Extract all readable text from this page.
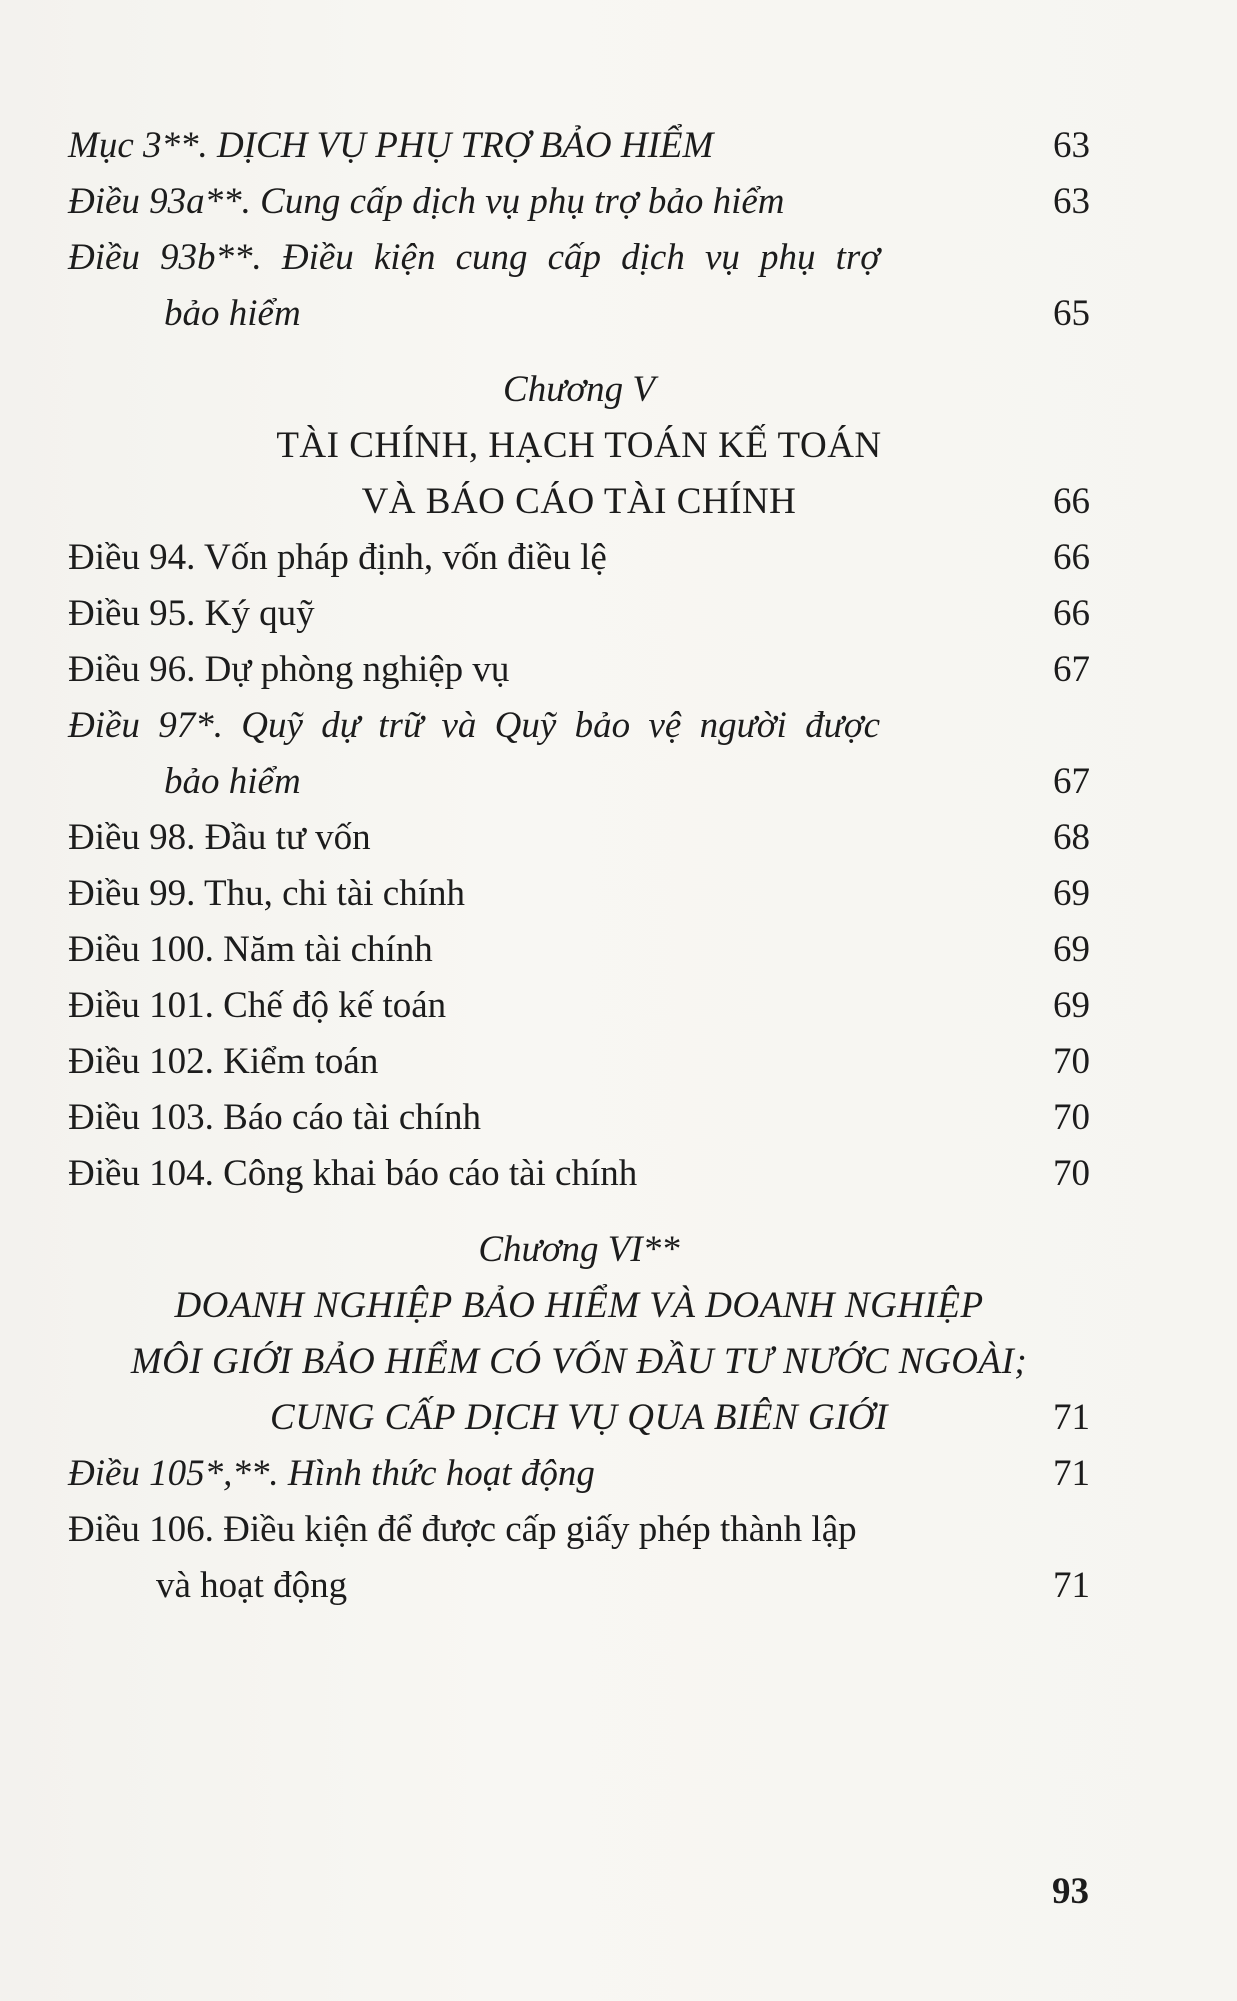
Mục 3**. DỊCH VỤ PHỤ TRỢ BẢO HIỂM	63
Điều 93a**. Cung cấp dịch vụ phụ trợ bảo hiểm	63
Điều 93b**. Điều kiện cung cấp dịch vụ phụ trợ
bảo hiểm	65
Chương V
TÀI CHÍNH, HẠCH TOÁN KẾ TOÁN
VÀ BÁO CÁO TÀI CHÍNH	66
Điều 94. Vốn pháp định, vốn điều lệ	66
Điều 95. Ký quỹ	66
Điều 96. Dự phòng nghiệp vụ	67
Điều 97*. Quỹ dự trữ và Quỹ bảo vệ người được
bảo hiểm	67
Điều 98. Đầu tư vốn	68
Điều 99. Thu, chi tài chính	69
Điều 100. Năm tài chính	69
Điều 101. Chế độ kế toán	69
Điều 102. Kiểm toán	70
Điều 103. Báo cáo tài chính	70
Điều 104. Công khai báo cáo tài chính	70
Chương VI**
DOANH NGHIỆP BẢO HIỂM VÀ DOANH NGHIỆP
MÔI GIỚI BẢO HIỂM CÓ VỐN ĐẦU TƯ NƯỚC NGOÀI;
CUNG CẤP DỊCH VỤ QUA BIÊN GIỚI	71
Điều 105*,**. Hình thức hoạt động	71
Điều 106. Điều kiện để được cấp giấy phép thành lập
và hoạt động	71
93
